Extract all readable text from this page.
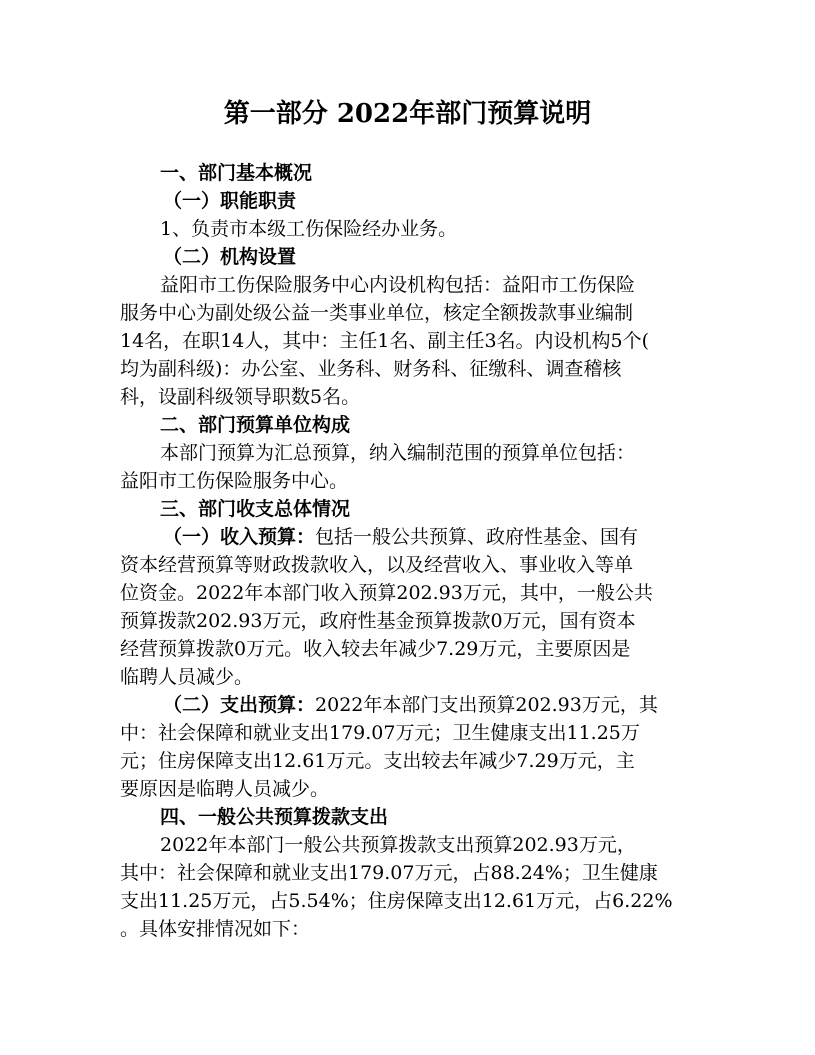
第一部分 2022年部门预算说明
一、部门基本概况
（一）职能职责
1、负责市本级工伤保险经办业务。
（二）机构设置
益阳市工伤保险服务中心内设机构包括：益阳市工伤保险
服务中心为副处级公益一类事业单位，核定全额拨款事业编制
14名，在职14人，其中：主任1名、副主任3名。内设机构5个(
均为副科级)：办公室、业务科、财务科、征缴科、调查稽核
科，设副科级领导职数5名。
二、部门预算单位构成
本部门预算为汇总预算，纳入编制范围的预算单位包括：
益阳市工伤保险服务中心。
三、部门收支总体情况
（一）收入预算：包括一般公共预算、政府性基金、国有
资本经营预算等财政拨款收入，以及经营收入、事业收入等单
位资金。2022年本部门收入预算202.93万元，其中，一般公共
预算拨款202.93万元，政府性基金预算拨款0万元，国有资本
经营预算拨款0万元。收入较去年减少7.29万元，主要原因是
临聘人员减少。
（二）支出预算：2022年本部门支出预算202.93万元，其
中：社会保障和就业支出179.07万元；卫生健康支出11.25万
元；住房保障支出12.61万元。支出较去年减少7.29万元，主
要原因是临聘人员减少。
四、一般公共预算拨款支出
2022年本部门一般公共预算拨款支出预算202.93万元，
其中：社会保障和就业支出179.07万元，占88.24%；卫生健康
支出11.25万元，占5.54%；住房保障支出12.61万元，占6.22%
。具体安排情况如下：
